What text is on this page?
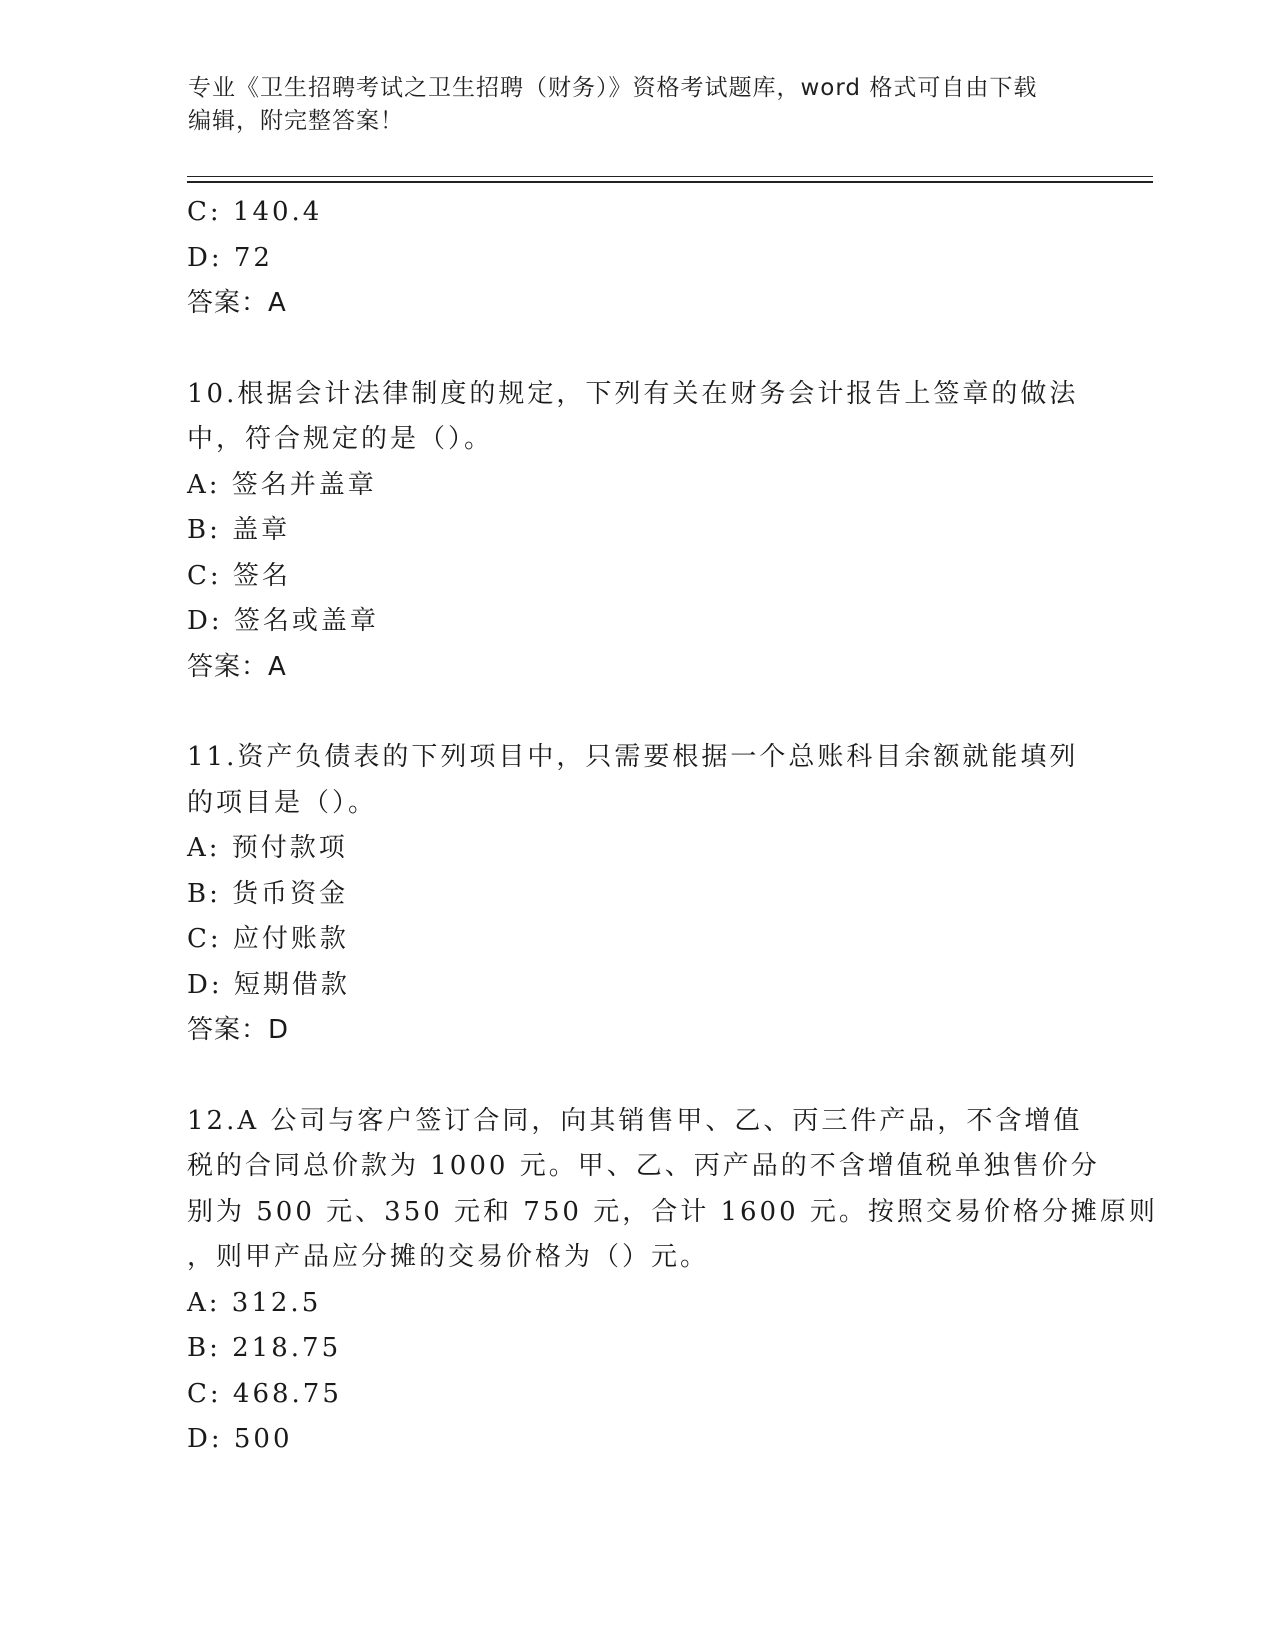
专业《卫生招聘考试之卫生招聘（财务）》资格考试题库，word 格式可自由下载
编辑，附完整答案！
C: 140.4
D: 72
答案：A
10.根据会计法律制度的规定，下列有关在财务会计报告上签章的做法
中，符合规定的是（）。
A: 签名并盖章
B: 盖章
C: 签名
D: 签名或盖章
答案：A
11.资产负债表的下列项目中，只需要根据一个总账科目余额就能填列
的项目是（）。
A: 预付款项
B: 货币资金
C: 应付账款
D: 短期借款
答案：D
12.A 公司与客户签订合同，向其销售甲、乙、丙三件产品，不含增值
税的合同总价款为 1000 元。甲、乙、丙产品的不含增值税单独售价分
别为 500 元、350 元和 750 元，合计 1600 元。按照交易价格分摊原则
，则甲产品应分摊的交易价格为（）元。
A: 312.5
B: 218.75
C: 468.75
D: 500
